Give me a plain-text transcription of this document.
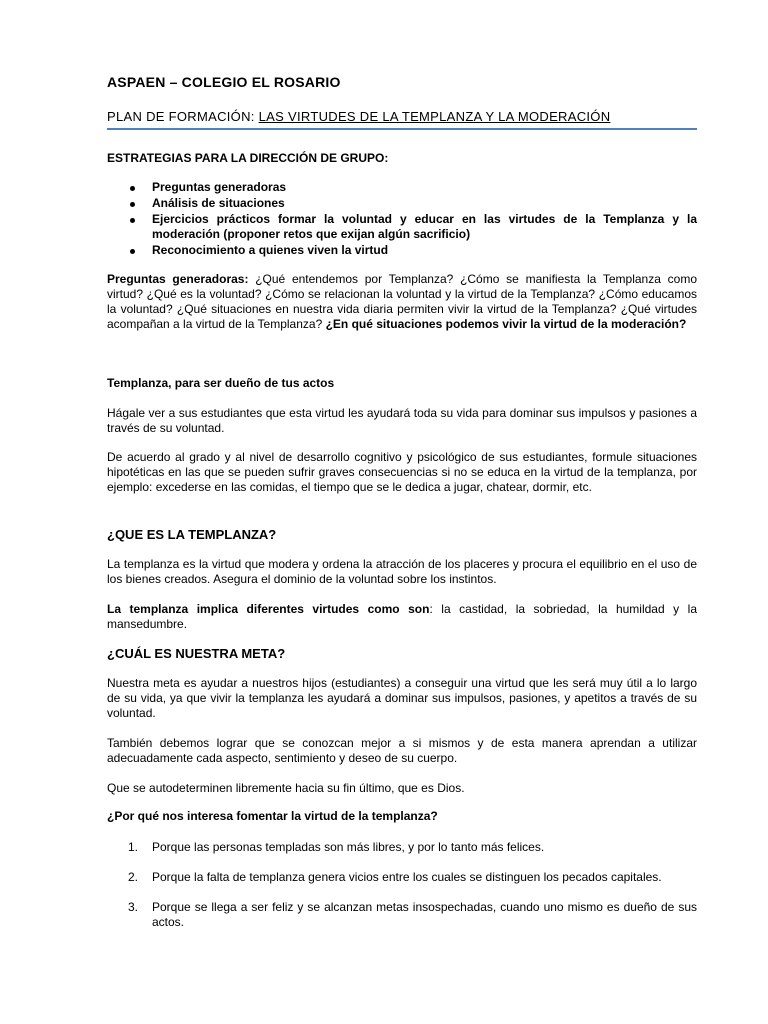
ASPAEN – COLEGIO EL ROSARIO
PLAN DE FORMACIÓN: LAS VIRTUDES DE LA TEMPLANZA Y LA MODERACIÓN
ESTRATEGIAS PARA LA DIRECCIÓN DE GRUPO:
Preguntas generadoras
Análisis de situaciones
Ejercicios prácticos formar la voluntad y educar en las virtudes de la Templanza y la moderación (proponer retos que exijan algún sacrificio)
Reconocimiento a quienes viven la virtud
Preguntas generadoras: ¿Qué entendemos por Templanza? ¿Cómo se manifiesta la Templanza como virtud? ¿Qué es la voluntad? ¿Cómo se relacionan la voluntad y la virtud de la Templanza? ¿Cómo educamos la voluntad? ¿Qué situaciones en nuestra vida diaria permiten vivir la virtud de la Templanza? ¿Qué virtudes acompañan a la virtud de la Templanza? ¿En qué situaciones podemos vivir la virtud de la moderación?
Templanza, para ser dueño de tus actos
Hágale ver a sus estudiantes que esta virtud les ayudará toda su vida para dominar sus impulsos y pasiones a través de su voluntad.
De acuerdo al grado y al nivel de desarrollo cognitivo y psicológico de sus estudiantes, formule situaciones hipotéticas en las que se pueden sufrir graves consecuencias si no se educa en la virtud de la templanza, por ejemplo: excederse en las comidas, el tiempo que se le dedica a jugar, chatear, dormir, etc.
¿QUE ES LA TEMPLANZA?
La templanza es la virtud que modera y ordena la atracción de los placeres y procura el equilibrio en el uso de los bienes creados. Asegura el dominio de la voluntad sobre los instintos.
La templanza implica diferentes virtudes como son: la castidad, la sobriedad, la humildad y la mansedumbre.
¿CUÁL ES NUESTRA META?
Nuestra meta es ayudar a nuestros hijos (estudiantes) a conseguir una virtud que les será muy útil a lo largo de su vida, ya que vivir la templanza les ayudará a dominar sus impulsos, pasiones, y apetitos a través de su voluntad.
También debemos lograr que se conozcan mejor a si mismos y de esta manera aprendan a utilizar adecuadamente cada aspecto, sentimiento y deseo de su cuerpo.
Que se autodeterminen libremente hacia su fin último, que es Dios.
¿Por qué nos interesa fomentar la virtud de la templanza?
1. Porque las personas templadas son más libres, y por lo tanto más felices.
2. Porque la falta de templanza genera vicios entre los cuales se distinguen los pecados capitales.
3. Porque se llega a ser feliz y se alcanzan metas insospechadas, cuando uno mismo es dueño de sus actos.
